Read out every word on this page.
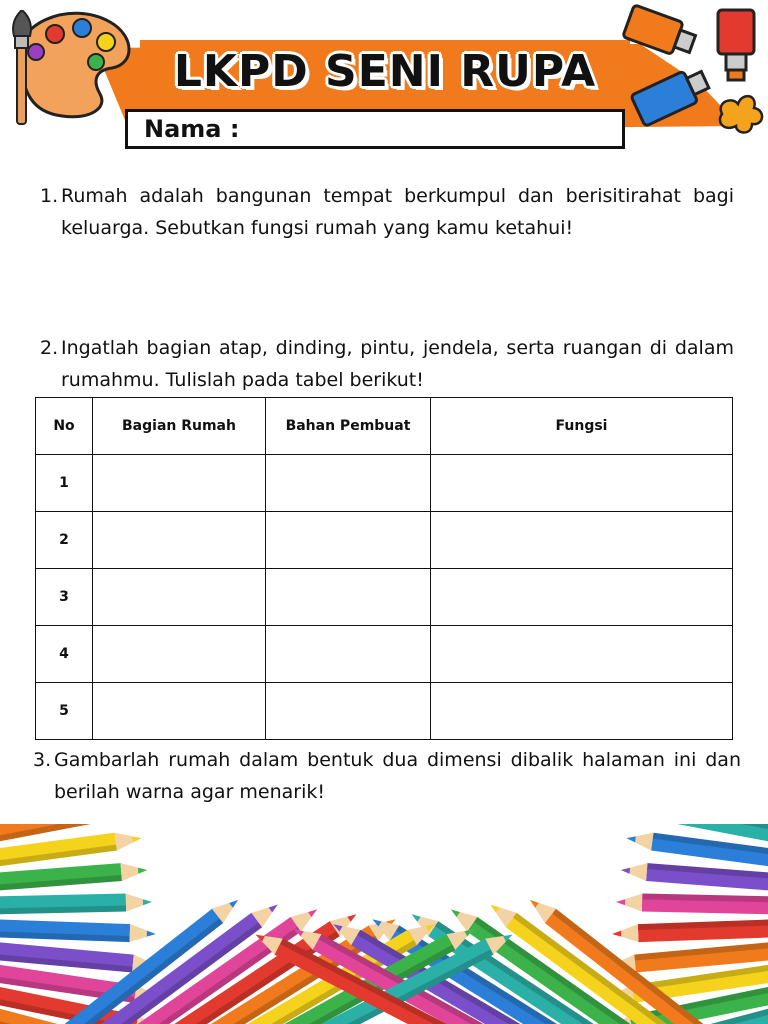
LKPD SENI RUPA
Nama :
1. Rumah adalah bangunan tempat berkumpul dan berisitirahat bagi keluarga. Sebutkan fungsi rumah yang kamu ketahui!
2. Ingatlah bagian atap, dinding, pintu, jendela, serta ruangan di dalam rumahmu. Tulislah pada tabel berikut!
No	Bagian Rumah	Bahan Pembuat	Fungsi
1			
2			
3			
4			
5			
3. Gambarlah rumah dalam bentuk dua dimensi dibalik halaman ini dan berilah warna agar menarik!
